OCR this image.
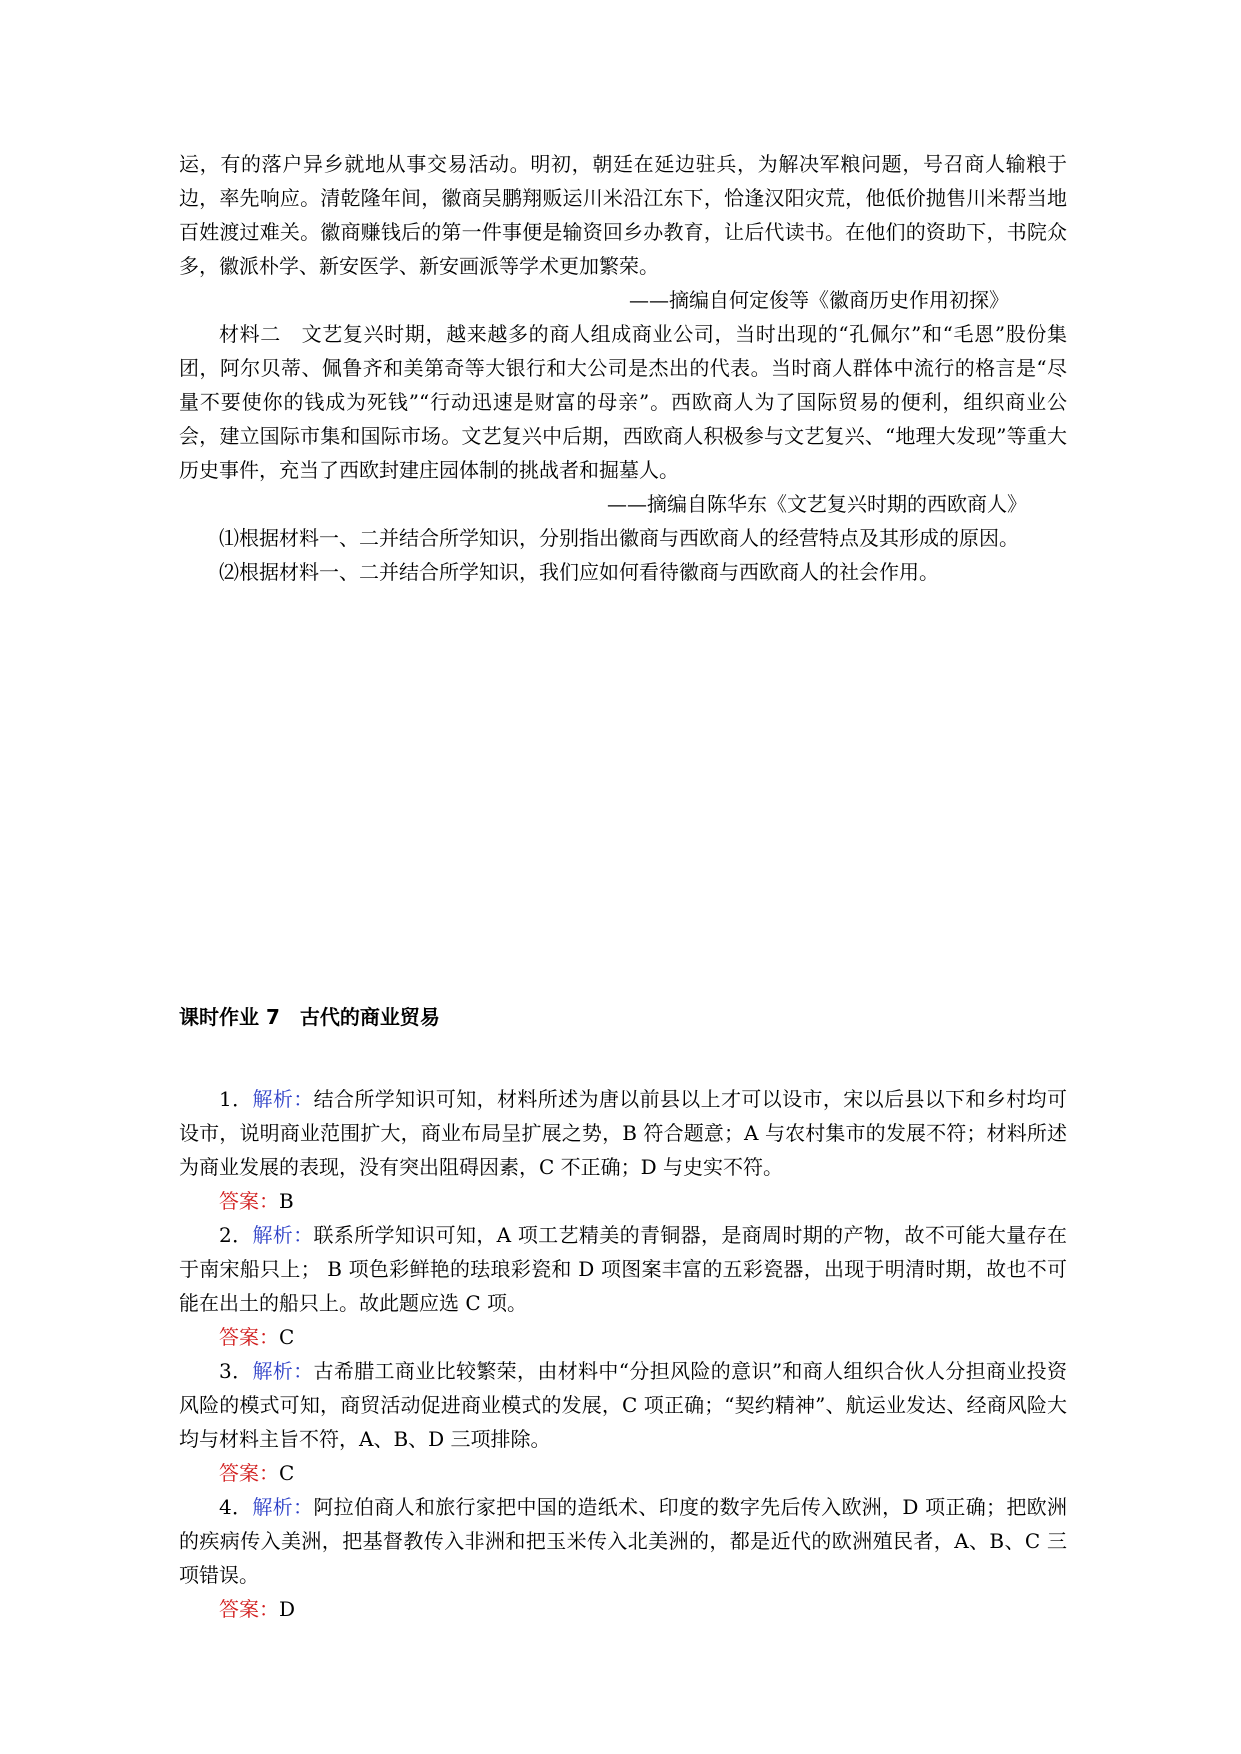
运，有的落户异乡就地从事交易活动。明初，朝廷在延边驻兵，为解决军粮问题，号召商人输粮于边，率先响应。清乾隆年间，徽商吴鹏翔贩运川米沿江东下，恰逢汉阳灾荒，他低价抛售川米帮当地百姓渡过难关。徽商赚钱后的第一件事便是输资回乡办教育，让后代读书。在他们的资助下，书院众多，徽派朴学、新安医学、新安画派等学术更加繁荣。

——摘编自何定俊等《徽商历史作用初探》

材料二　文艺复兴时期，越来越多的商人组成商业公司，当时出现的“孔佩尔”和“毛恩”股份集团，阿尔贝蒂、佩鲁齐和美第奇等大银行和大公司是杰出的代表。当时商人群体中流行的格言是“尽量不要使你的钱成为死钱”“行动迅速是财富的母亲”。西欧商人为了国际贸易的便利，组织商业公会，建立国际市集和国际市场。文艺复兴中后期，西欧商人积极参与文艺复兴、“地理大发现”等重大历史事件，充当了西欧封建庄园体制的挑战者和掘墓人。

——摘编自陈华东《文艺复兴时期的西欧商人》

⑴根据材料一、二并结合所学知识，分别指出徽商与西欧商人的经营特点及其形成的原因。

⑵根据材料一、二并结合所学知识，我们应如何看待徽商与西欧商人的社会作用。

课时作业 7　古代的商业贸易

1．解析：结合所学知识可知，材料所述为唐以前县以上才可以设市，宋以后县以下和乡村均可设市，说明商业范围扩大，商业布局呈扩展之势，B 符合题意；A 与农村集市的发展不符；材料所述为商业发展的表现，没有突出阻碍因素，C 不正确；D 与史实不符。

答案：B

2．解析：联系所学知识可知，A 项工艺精美的青铜器，是商周时期的产物，故不可能大量存在于南宋船只上； B 项色彩鲜艳的珐琅彩瓷和 D 项图案丰富的五彩瓷器，出现于明清时期，故也不可能在出土的船只上。故此题应选 C 项。

答案：C

3．解析：古希腊工商业比较繁荣，由材料中“分担风险的意识”和商人组织合伙人分担商业投资风险的模式可知，商贸活动促进商业模式的发展，C 项正确；“契约精神”、航运业发达、经商风险大均与材料主旨不符，A、B、D 三项排除。

答案：C

4．解析：阿拉伯商人和旅行家把中国的造纸术、印度的数字先后传入欧洲，D 项正确；把欧洲的疾病传入美洲，把基督教传入非洲和把玉米传入北美洲的，都是近代的欧洲殖民者，A、B、C 三项错误。

答案：D
